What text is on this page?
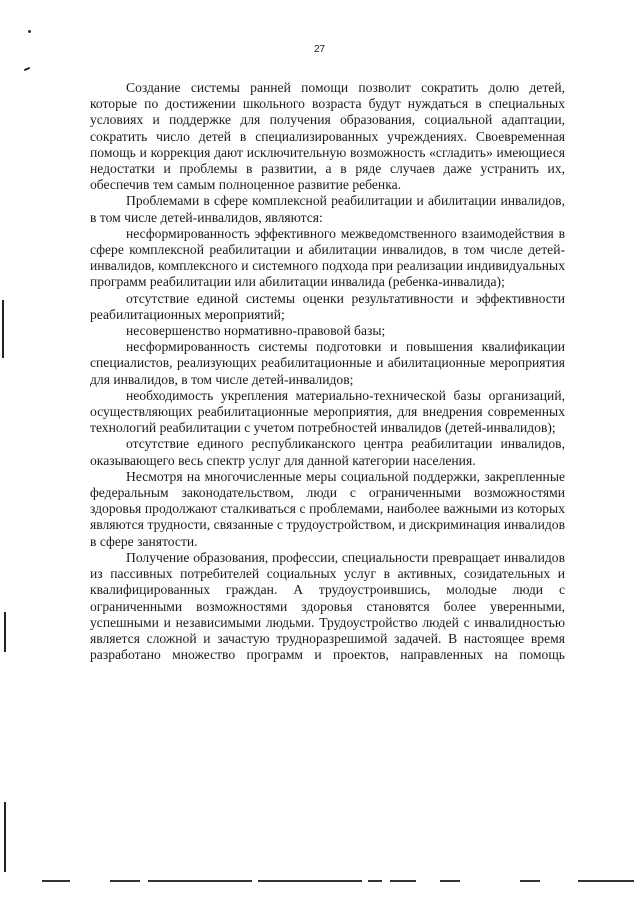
27

Создание системы ранней помощи позволит сократить долю детей, которые по достижении школьного возраста будут нуждаться в специальных условиях и поддержке для получения образования, социальной адаптации, сократить число детей в специализированных учреждениях. Своевременная помощь и коррекция дают исключительную возможность «сгладить» имеющиеся недостатки и проблемы в развитии, а в ряде случаев даже устранить их, обеспечив тем самым полноценное развитие ребенка.

Проблемами в сфере комплексной реабилитации и абилитации инвалидов, в том числе детей-инвалидов, являются:

несформированность эффективного межведомственного взаимодействия в сфере комплексной реабилитации и абилитации инвалидов, в том числе детей-инвалидов, комплексного и системного подхода при реализации индивидуальных программ реабилитации или абилитации инвалида (ребенка-инвалида);

отсутствие единой системы оценки результативности и эффективности реабилитационных мероприятий;

несовершенство нормативно-правовой базы;

несформированность системы подготовки и повышения квалификации специалистов, реализующих реабилитационные и абилитационные мероприятия для инвалидов, в том числе детей-инвалидов;

необходимость укрепления материально-технической базы организаций, осуществляющих реабилитационные мероприятия, для внедрения современных технологий реабилитации с учетом потребностей инвалидов (детей-инвалидов);

отсутствие единого республиканского центра реабилитации инвалидов, оказывающего весь спектр услуг для данной категории населения.

Несмотря на многочисленные меры социальной поддержки, закрепленные федеральным законодательством, люди с ограниченными возможностями здоровья продолжают сталкиваться с проблемами, наиболее важными из которых являются трудности, связанные с трудоустройством, и дискриминация инвалидов в сфере занятости.

Получение образования, профессии, специальности превращает инвалидов из пассивных потребителей социальных услуг в активных, созидательных и квалифицированных граждан. А трудоустроившись, молодые люди с ограниченными возможностями здоровья становятся более уверенными, успешными и независимыми людьми. Трудоустройство людей с инвалидностью является сложной и зачастую трудноразрешимой задачей. В настоящее время разработано множество программ и проектов, направленных на помощь
